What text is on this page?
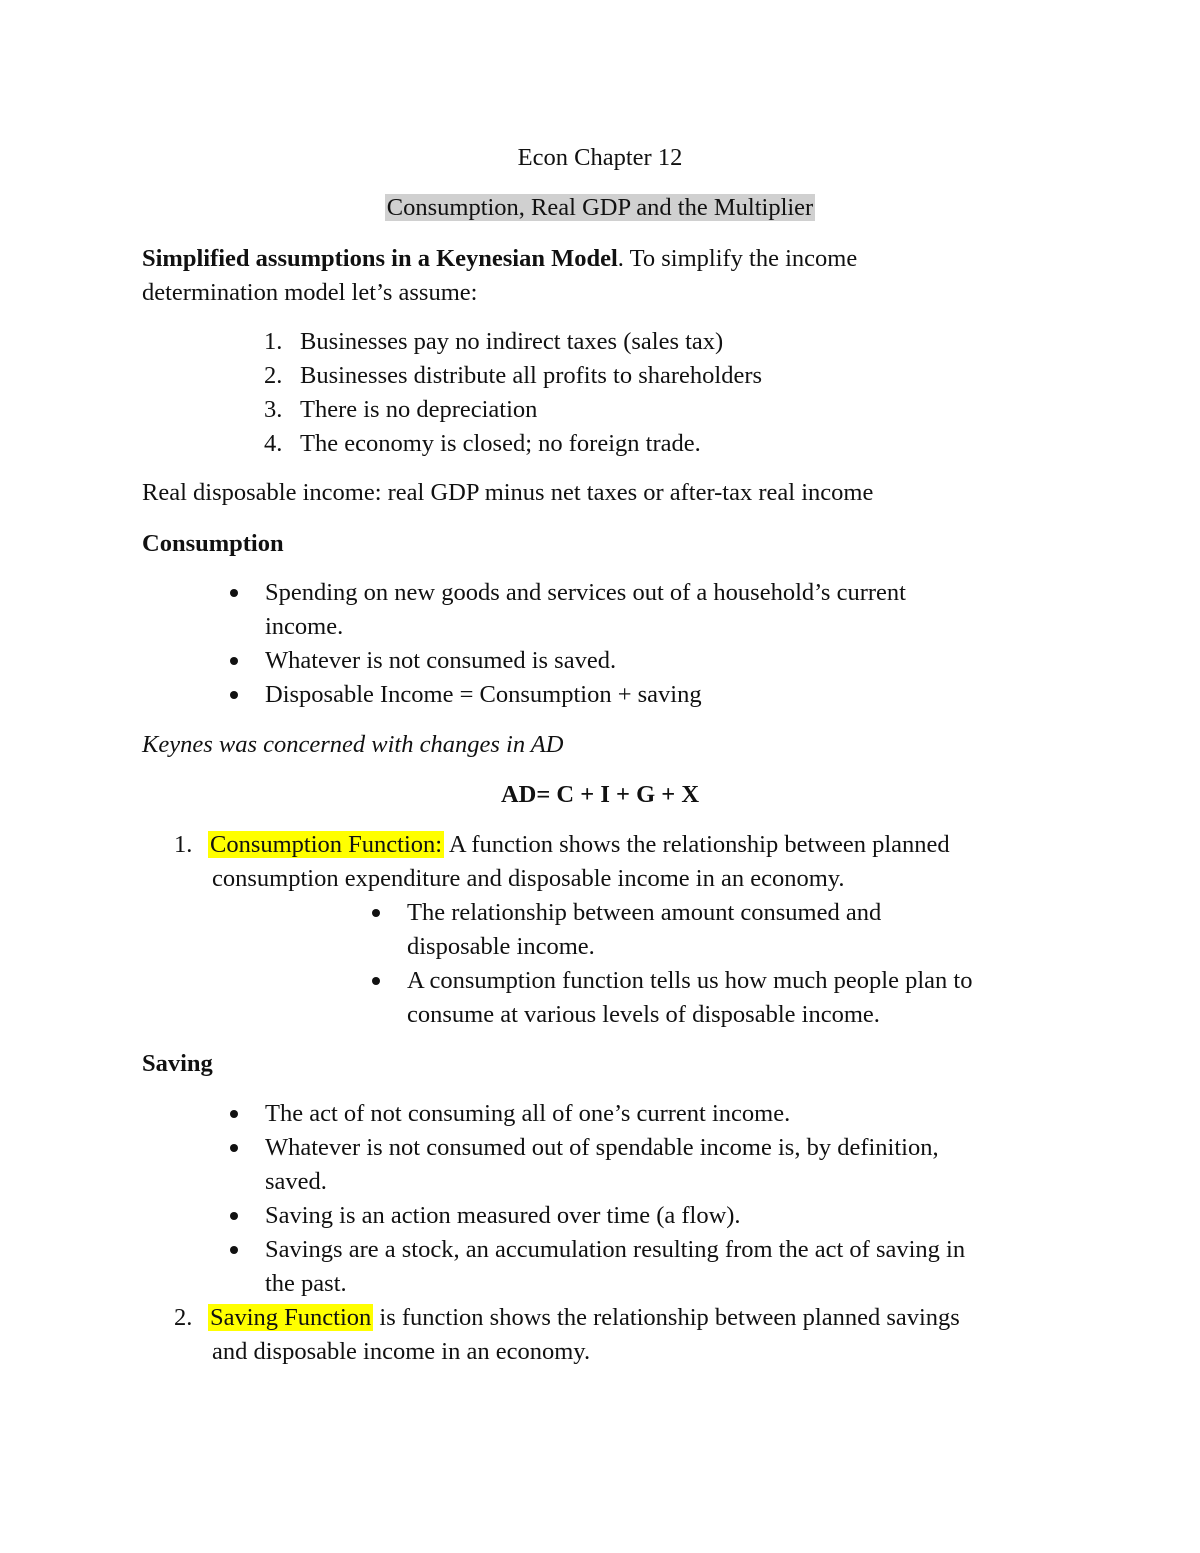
Econ Chapter 12
Consumption, Real GDP and the Multiplier
Simplified assumptions in a Keynesian Model. To simplify the income
determination model let’s assume:
1. Businesses pay no indirect taxes (sales tax)
2. Businesses distribute all profits to shareholders
3. There is no depreciation
4. The economy is closed; no foreign trade.
Real disposable income: real GDP minus net taxes or after-tax real income
Consumption
Spending on new goods and services out of a household’s current
income.
Whatever is not consumed is saved.
Disposable Income = Consumption + saving
Keynes was concerned with changes in AD
AD= C + I + G + X
1. Consumption Function: A function shows the relationship between planned
consumption expenditure and disposable income in an economy.
The relationship between amount consumed and
disposable income.
A consumption function tells us how much people plan to
consume at various levels of disposable income.
Saving
The act of not consuming all of one’s current income.
Whatever is not consumed out of spendable income is, by definition,
saved.
Saving is an action measured over time (a flow).
Savings are a stock, an accumulation resulting from the act of saving in
the past.
2. Saving Function is function shows the relationship between planned savings
and disposable income in an economy.
